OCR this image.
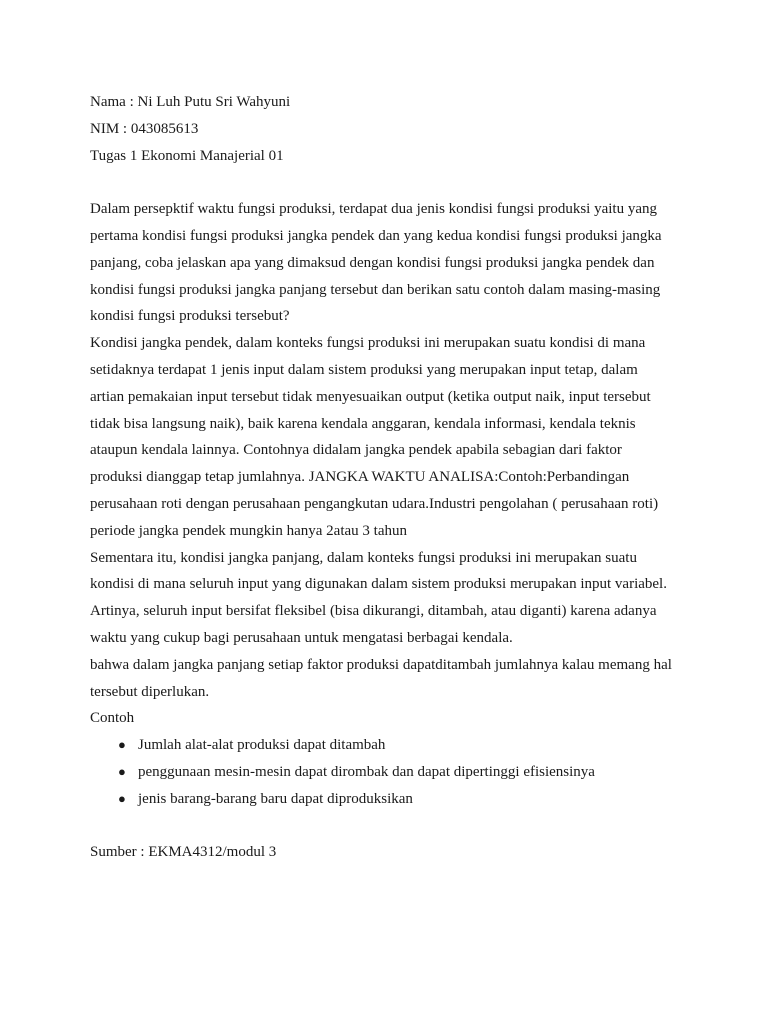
Nama : Ni Luh Putu Sri Wahyuni

NIM : 043085613

Tugas 1 Ekonomi Manajerial 01

Dalam persepktif waktu fungsi produksi, terdapat dua jenis kondisi fungsi produksi yaitu yang

pertama kondisi fungsi produksi jangka pendek dan yang kedua kondisi fungsi produksi jangka

panjang, coba jelaskan apa yang dimaksud dengan kondisi fungsi produksi jangka pendek dan

kondisi fungsi produksi jangka panjang tersebut dan berikan satu contoh dalam masing-masing

kondisi fungsi produksi tersebut?

Kondisi jangka pendek, dalam konteks fungsi produksi ini merupakan suatu kondisi di mana

setidaknya terdapat 1 jenis input dalam sistem produksi yang merupakan input tetap, dalam

artian pemakaian input tersebut tidak menyesuaikan output (ketika output naik, input tersebut

tidak bisa langsung naik), baik karena kendala anggaran, kendala informasi, kendala teknis

ataupun kendala lainnya. Contohnya didalam jangka pendek apabila sebagian dari faktor

produksi dianggap tetap jumlahnya. JANGKA WAKTU ANALISA:Contoh:Perbandingan

perusahaan roti dengan perusahaan pengangkutan udara.Industri pengolahan ( perusahaan roti)

periode jangka pendek mungkin hanya 2atau 3 tahun

Sementara itu, kondisi jangka panjang, dalam konteks fungsi produksi ini merupakan suatu

kondisi di mana seluruh input yang digunakan dalam sistem produksi merupakan input variabel.

Artinya, seluruh input bersifat fleksibel (bisa dikurangi, ditambah, atau diganti) karena adanya

waktu yang cukup bagi perusahaan untuk mengatasi berbagai kendala.

bahwa dalam jangka panjang setiap faktor produksi dapatditambah jumlahnya kalau memang hal

tersebut diperlukan.

Contoh

● Jumlah alat-alat produksi dapat ditambah
● penggunaan mesin-mesin dapat dirombak dan dapat dipertinggi efisiensinya
● jenis barang-barang baru dapat diproduksikan

Sumber : EKMA4312/modul 3
